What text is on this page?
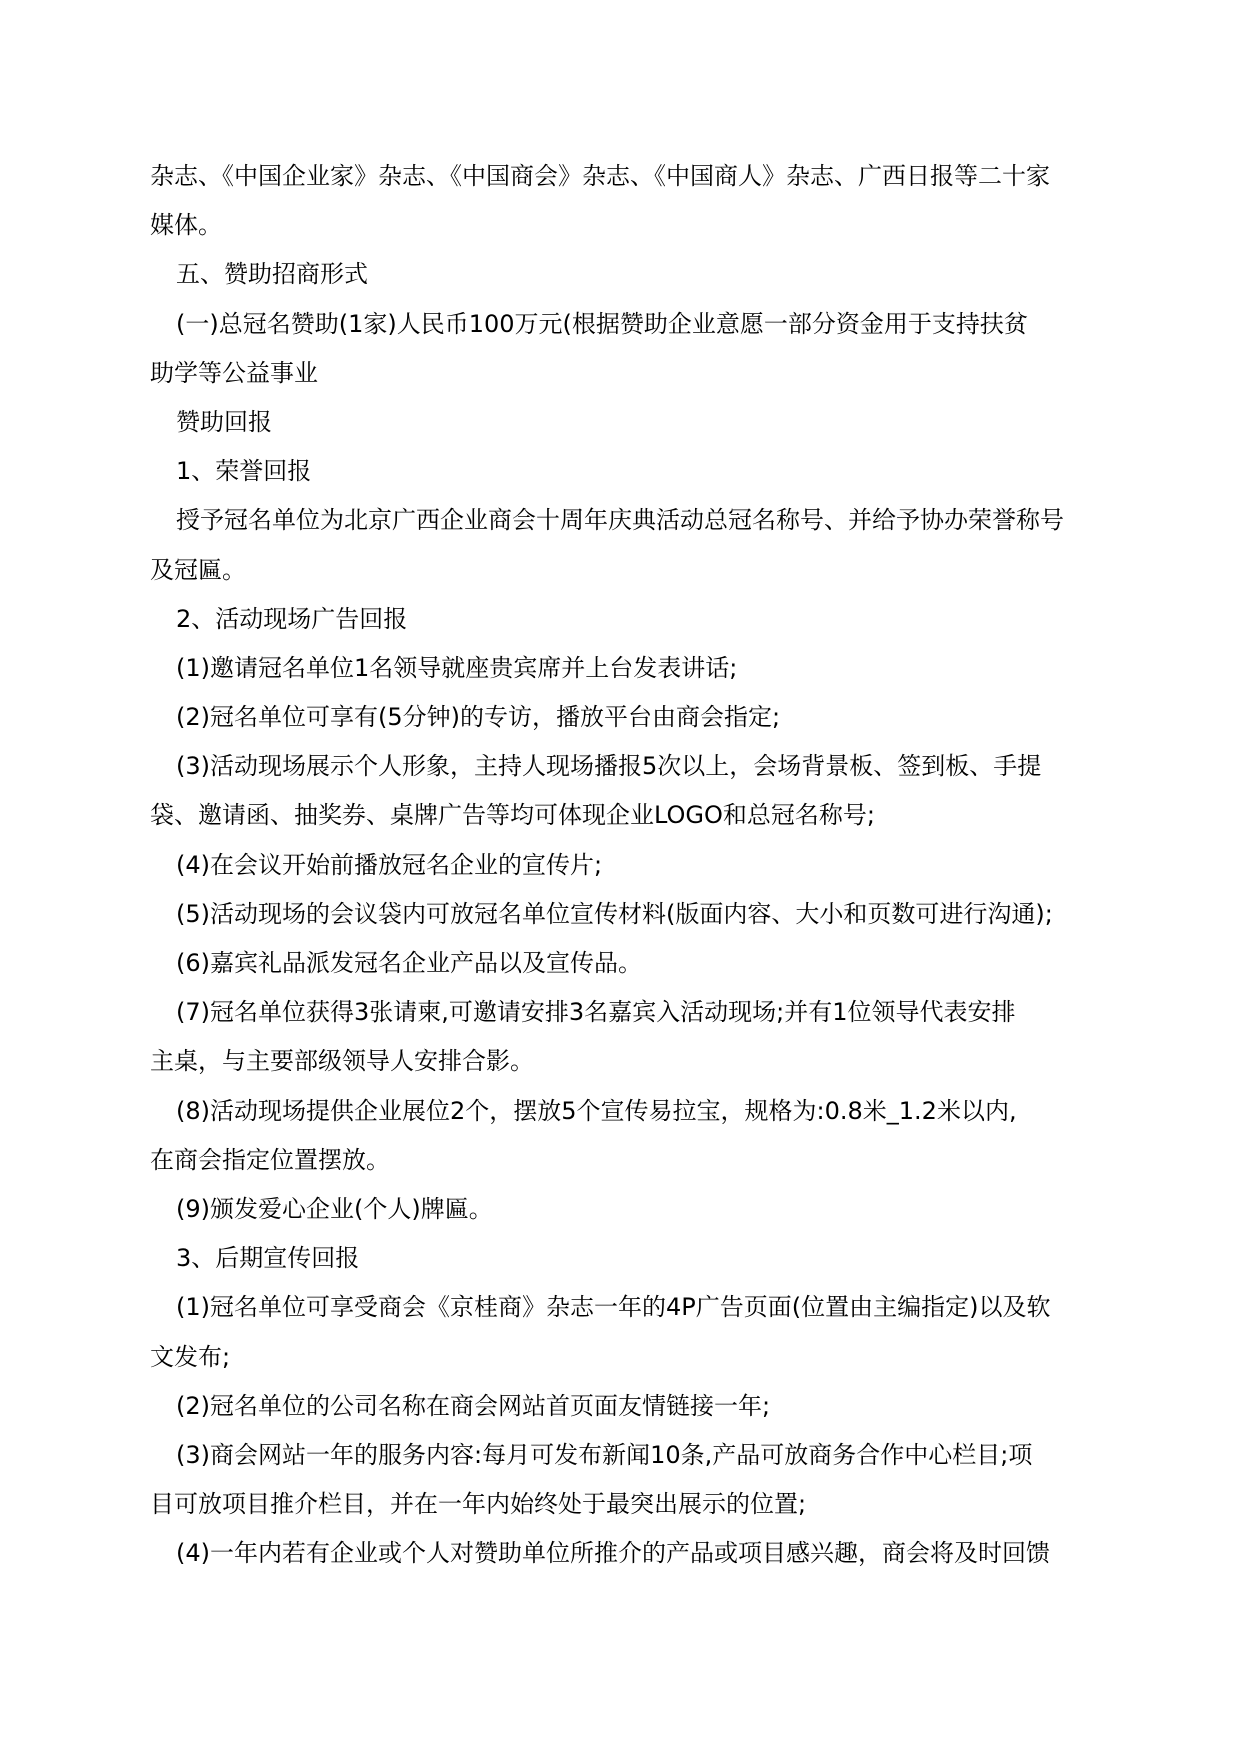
杂志、《中国企业家》杂志、《中国商会》杂志、《中国商人》杂志、广西日报等二十家
媒体。
五、赞助招商形式
(一)总冠名赞助(1家)人民币100万元(根据赞助企业意愿一部分资金用于支持扶贫
助学等公益事业
赞助回报
1、荣誉回报
授予冠名单位为北京广西企业商会十周年庆典活动总冠名称号、并给予协办荣誉称号
及冠匾。
2、活动现场广告回报
(1)邀请冠名单位1名领导就座贵宾席并上台发表讲话;
(2)冠名单位可享有(5分钟)的专访，播放平台由商会指定;
(3)活动现场展示个人形象，主持人现场播报5次以上，会场背景板、签到板、手提
袋、邀请函、抽奖券、桌牌广告等均可体现企业LOGO和总冠名称号;
(4)在会议开始前播放冠名企业的宣传片;
(5)活动现场的会议袋内可放冠名单位宣传材料(版面内容、大小和页数可进行沟通);
(6)嘉宾礼品派发冠名企业产品以及宣传品。
(7)冠名单位获得3张请柬,可邀请安排3名嘉宾入活动现场;并有1位领导代表安排
主桌，与主要部级领导人安排合影。
(8)活动现场提供企业展位2个，摆放5个宣传易拉宝，规格为:0.8米_1.2米以内,
在商会指定位置摆放。
(9)颁发爱心企业(个人)牌匾。
3、后期宣传回报
(1)冠名单位可享受商会《京桂商》杂志一年的4P广告页面(位置由主编指定)以及软
文发布;
(2)冠名单位的公司名称在商会网站首页面友情链接一年;
(3)商会网站一年的服务内容:每月可发布新闻10条,产品可放商务合作中心栏目;项
目可放项目推介栏目，并在一年内始终处于最突出展示的位置;
(4)一年内若有企业或个人对赞助单位所推介的产品或项目感兴趣，商会将及时回馈
